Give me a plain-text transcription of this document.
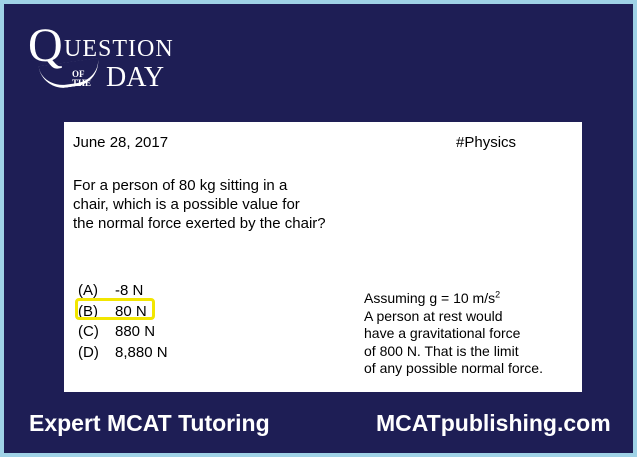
Q UESTION
OF
THE DAY
June 28, 2017	#Physics
For a person of 80 kg sitting in a
chair, which is a possible value for
the normal force exerted by the chair?
(A) -8 N
(B) 80 N
(C) 880 N
(D) 8,880 N
Assuming g = 10 $m/s^2$
A person at rest would
have a gravitational force
of 800 N. That is the limit
of any possible normal force.
Expert MCAT Tutoring	MCATpublishing.com
